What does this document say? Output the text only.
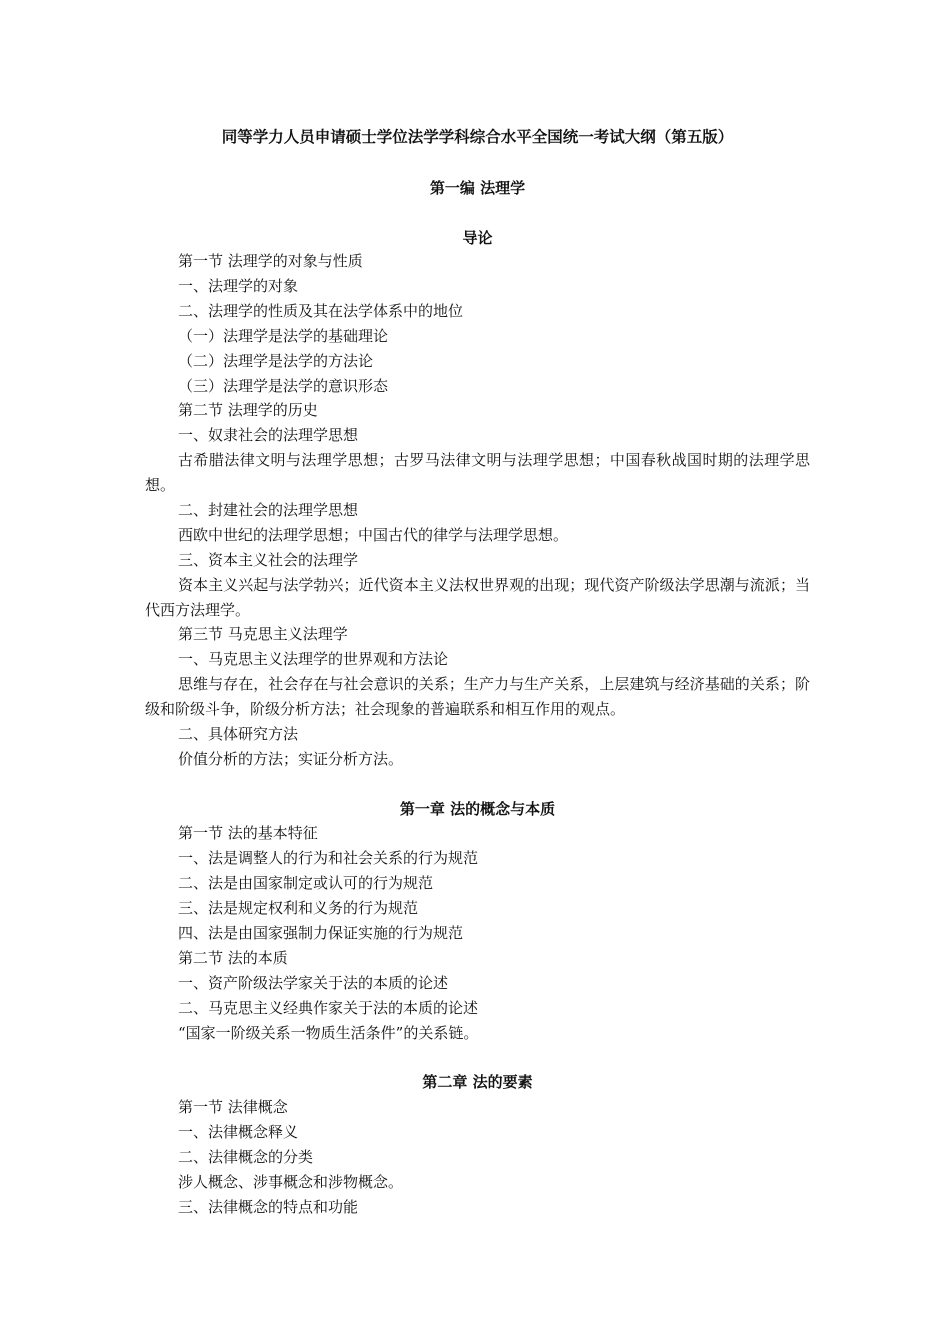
同等学力人员申请硕士学位法学学科综合水平全国统一考试大纲（第五版）
第一编 法理学
导论
第一节 法理学的对象与性质
一、法理学的对象
二、法理学的性质及其在法学体系中的地位
（一）法理学是法学的基础理论
（二）法理学是法学的方法论
（三）法理学是法学的意识形态
第二节 法理学的历史
一、奴隶社会的法理学思想
古希腊法律文明与法理学思想；古罗马法律文明与法理学思想；中国春秋战国时期的法理学思想。
二、封建社会的法理学思想
西欧中世纪的法理学思想；中国古代的律学与法理学思想。
三、资本主义社会的法理学
资本主义兴起与法学勃兴；近代资本主义法权世界观的出现；现代资产阶级法学思潮与流派；当代西方法理学。
第三节 马克思主义法理学
一、马克思主义法理学的世界观和方法论
思维与存在，社会存在与社会意识的关系；生产力与生产关系，上层建筑与经济基础的关系；阶级和阶级斗争，阶级分析方法；社会现象的普遍联系和相互作用的观点。
二、具体研究方法
价值分析的方法；实证分析方法。
第一章 法的概念与本质
第一节 法的基本特征
一、法是调整人的行为和社会关系的行为规范
二、法是由国家制定或认可的行为规范
三、法是规定权利和义务的行为规范
四、法是由国家强制力保证实施的行为规范
第二节 法的本质
一、资产阶级法学家关于法的本质的论述
二、马克思主义经典作家关于法的本质的论述
“国家一阶级关系一物质生活条件”的关系链。
第二章 法的要素
第一节 法律概念
一、法律概念释义
二、法律概念的分类
涉人概念、涉事概念和涉物概念。
三、法律概念的特点和功能
